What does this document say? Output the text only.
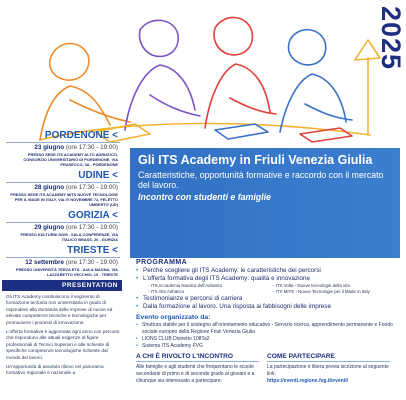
2025
PORDENONE <
23 giugno (ore 17:30 - 19:00)
PRESSO SEDE ITS ACADEMY ALTO ADRIATICO, CONSORZIO UNIVERSITARIO DI PORDENONE, VIA PRASECCO, 3A - PORDENONE
UDINE <
28 giugno (ore 17:30 - 19:00)
PRESSO SEDE ITS ACADEMY MITS NUOVE TECNOLOGIE PER IL MADE IN ITALY, VIA IV NOVEMBRE 72, FELETTO UMBERTO (UD)
GORIZIA <
29 giugno (ore 17:30 - 19:00)
PRESSO KULTURNI DOM - SALA CONFERENZE, VIA ITALICO BRASS, 20 - GORIZIA
TRIESTE <
12 settembre (ore 17:30 - 19:00)
PRESSO UNIVERSITÀ TERZA ETÀ - AULA MAGNA, VIA LAZZARETTO VECCHIO, 10 - TRIESTE
PRESENTATION

Gli ITS Academy costituiscono il segmento di formazione terziaria non universitaria in grado di rispondere alla domanda delle imprese di nuove ed elevate competenze tecniche e tecnologiche per promuovere i processi di innovazione.

L'offerta formativa è aggiornata ogni anno con percorsi che rispondono alle attuali esigenze di figure professionali di Tecnici Superiori e alle richieste di specifiche competenze tecnologiche richieste dal mondo del lavoro.

Un'opportunità di assoluto rilievo nel panorama formativo regionale e nazionale a

Gli ITS Academy in Friuli Venezia Giulia
Caratteristiche, opportunità formative e raccordo con il mercato del lavoro.
Incontro con studenti e famiglie
PROGRAMMA
• Perché scegliere gli ITS Academy: le caratteristiche dei percorsi
• L'offerta formativa degli ITS Academy: qualità e innovazione
- ITS Accademia Nautica dell'Adriatico
- ITS Alto Adriatico
- ITS Volta - Nuove tecnologie della vita
- ITS MITS - Nuove Tecnologie per il Made in Italy
• Testimonianze e percorsi di carriera
• Dalla formazione al lavoro. Una risposta ai fabbisogni delle imprese
Evento organizzato da:
• Struttura stabile per il sostegno all'orientamento educativo - Servizio ricerca, apprendimento permanente e Fondo sociale europeo della Regione Friuli Venezia Giulia
• LIONS CLUB Distretto 108Ta2
• Sistema ITS Academy FVG
A CHI È RIVOLTO L'INCONTRO
Alle famiglie e agli studenti che frequentano le scuole secondarie di primo e di secondo grado ai giovani e a chiunque sia interessato a partecipare.
COME PARTECIPARE
La partecipazione è libera previa iscrizione al seguente link:
https://eventi.regione.fvg.it/eventi/
